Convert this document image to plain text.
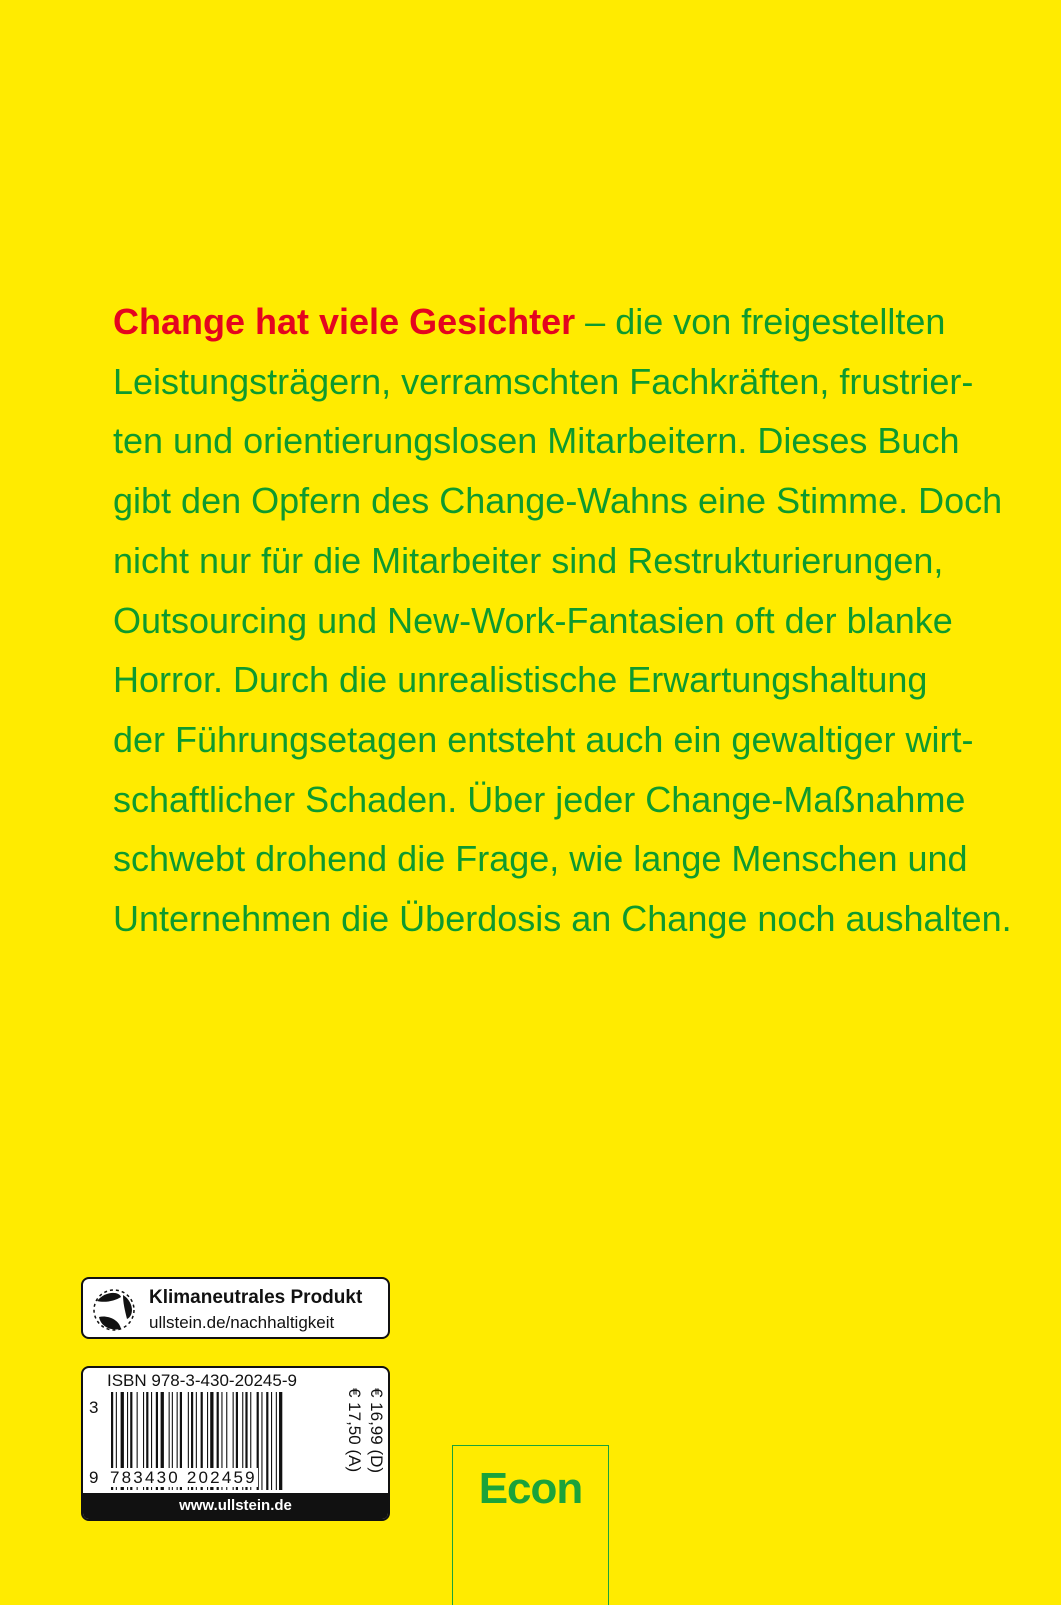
Change hat viele Gesichter – die von freigestellten
Leistungsträgern, verramschten Fachkräften, frustrier-
ten und orientierungslosen Mitarbeitern. Dieses Buch
gibt den Opfern des Change-Wahns eine Stimme. Doch
nicht nur für die Mitarbeiter sind Restrukturierungen,
Outsourcing und New-Work-Fantasien oft der blanke
Horror. Durch die unrealistische Erwartungshaltung
der Führungsetagen entsteht auch ein gewaltiger wirt-
schaftlicher Schaden. Über jeder Change-Maßnahme
schwebt drohend die Frage, wie lange Menschen und
Unternehmen die Überdosis an Change noch aushalten.
Klimaneutrales Produkt
ullstein.de/nachhaltigkeit
ISBN 978-3-430-20245-9
3
9 783430 202459
€ 16,99 (D)
€ 17,50 (A)
www.ullstein.de	Econ
